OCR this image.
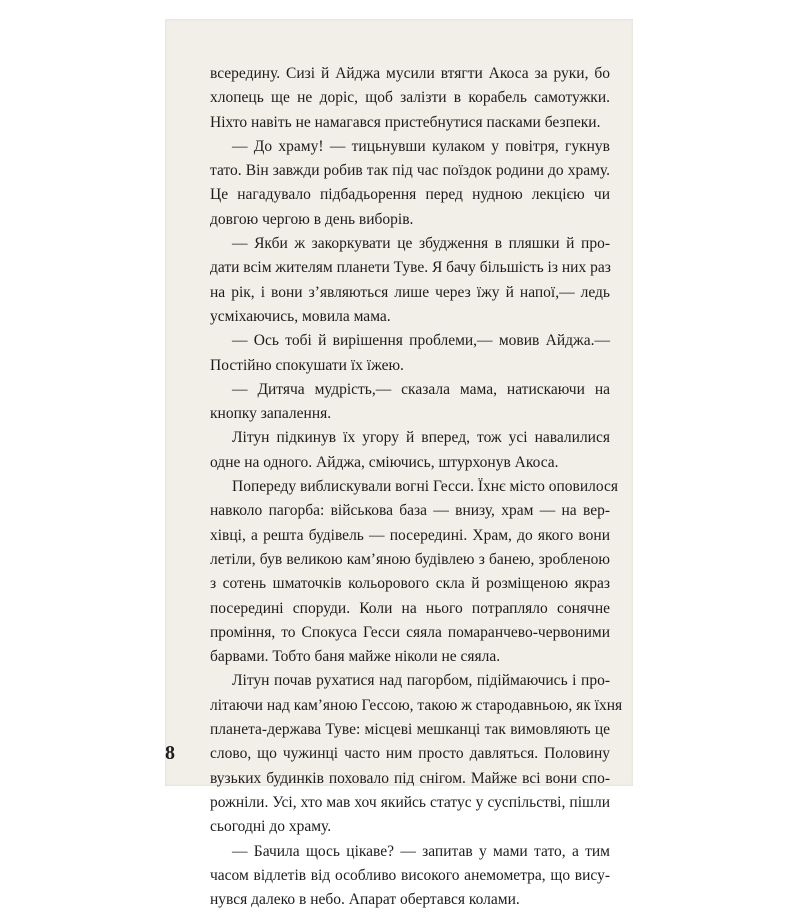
всередину. Сизі й Айджа мусили втягти Акоса за руки, бо
хлопець ще не доріс, щоб залізти в корабель самотужки.
Ніхто навіть не намагався пристебнутися пасками безпеки.
— До храму! — тицьнувши кулаком у повітря, гукнув
тато. Він завжди робив так під час поїздок родини до храму.
Це нагадувало підбадьорення перед нудною лекцією чи
довгою чергою в день виборів.
— Якби ж закоркувати це збудження в пляшки й про-
дати всім жителям планети Туве. Я бачу більшість із них раз
на рік, і вони з’являються лише через їжу й напої,— ледь
усміхаючись, мовила мама.
— Ось тобі й вирішення проблеми,— мовив Айджа.—
Постійно спокушати їх їжею.
— Дитяча мудрість,— сказала мама, натискаючи на
кнопку запалення.
Літун підкинув їх угору й вперед, тож усі навалилися
одне на одного. Айджа, сміючись, штурхонув Акоса.
Попереду виблискували вогні Гесси. Їхнє місто оповилося
навколо пагорба: військова база — внизу, храм — на вер-
хівці, а решта будівель — посередині. Храм, до якого вони
летіли, був великою кам’яною будівлею з банею, зробленою
з сотень шматочків кольорового скла й розміщеною якраз
посередині споруди. Коли на нього потрапляло сонячне
проміння, то Спокуса Гесси сяяла помаранчево-червоними
барвами. Тобто баня майже ніколи не сяяла.
Літун почав рухатися над пагорбом, підіймаючись і про-
літаючи над кам’яною Гессою, такою ж стародавньою, як їхня
планета-держава Туве: місцеві мешканці так вимовляють це
слово, що чужинці часто ним просто давляться. Половину
вузьких будинків поховало під снігом. Майже всі вони спо-
рожніли. Усі, хто мав хоч якийсь статус у суспільстві, пішли
сьогодні до храму.
— Бачила щось цікаве? — запитав у мами тато, а тим
часом відлетів від особливо високого анемометра, що вису-
нувся далеко в небо. Апарат обертався колами.
8
